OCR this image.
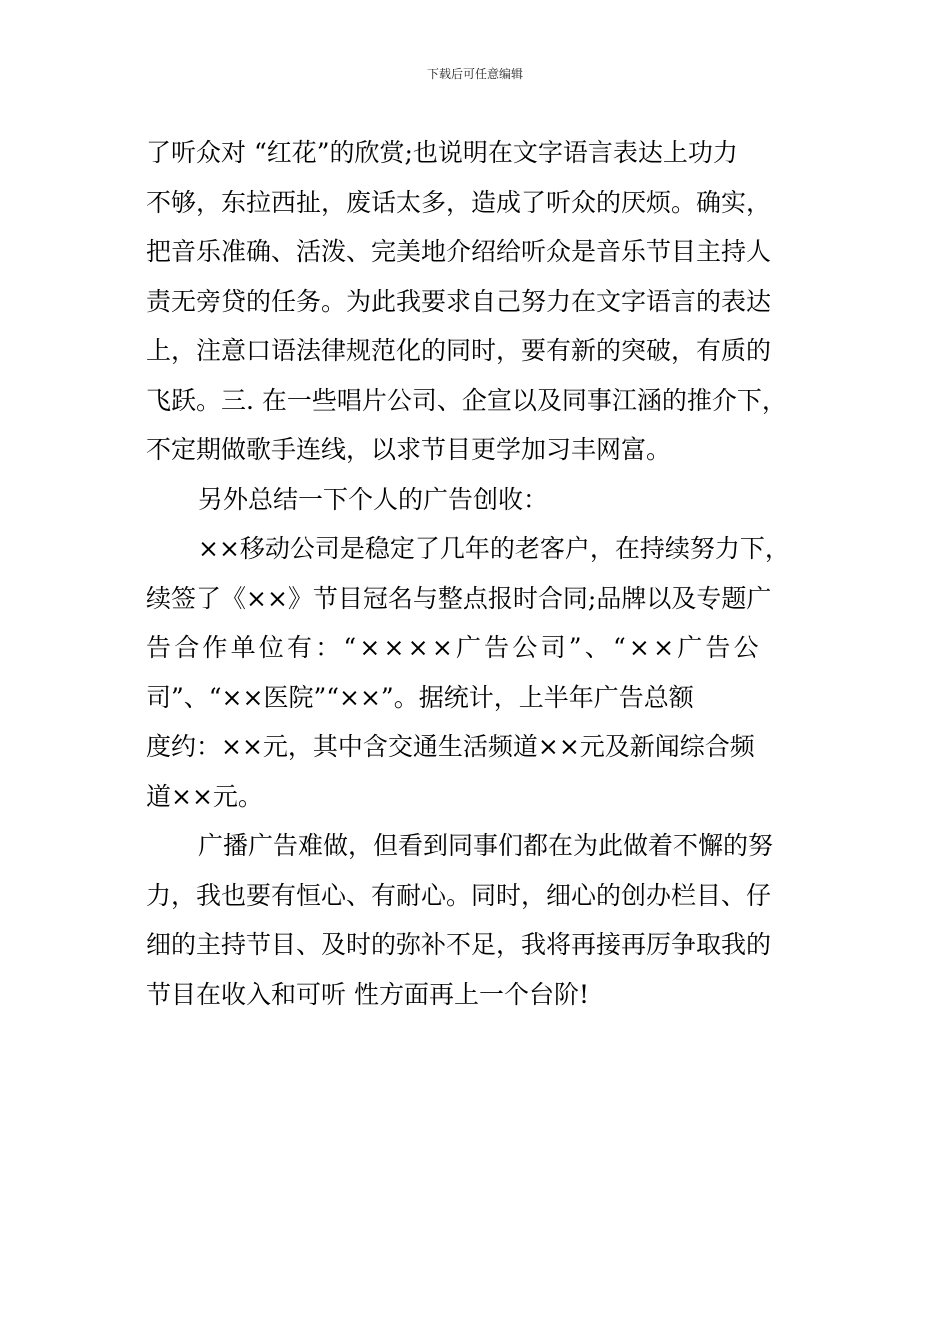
下载后可任意编辑
了听众对 “红花”的欣赏;也说明在文字语言表达上功力
不够，东拉西扯，废话太多，造成了听众的厌烦。确实，
把音乐准确、活泼、完美地介绍给听众是音乐节目主持人
责无旁贷的任务。为此我要求自己努力在文字语言的表达
上，注意口语法律规范化的同时，要有新的突破，有质的
飞跃。三. 在一些唱片公司、企宣以及同事江涵的推介下，
不定期做歌手连线，以求节目更学加习丰网富。
另外总结一下个人的广告创收：
××移动公司是稳定了几年的老客户，在持续努力下，
续签了《××》节目冠名与整点报时合同;品牌以及专题广
告合作单位有：“××××广告公司”、“××广告公
司”、“××医院”“××”。据统计，上半年广告总额
度约：××元，其中含交通生活频道××元及新闻综合频
道××元。
广播广告难做，但看到同事们都在为此做着不懈的努
力，我也要有恒心、有耐心。同时，细心的创办栏目、仔
细的主持节目、及时的弥补不足，我将再接再厉争取我的
节目在收入和可听 性方面再上一个台阶!
